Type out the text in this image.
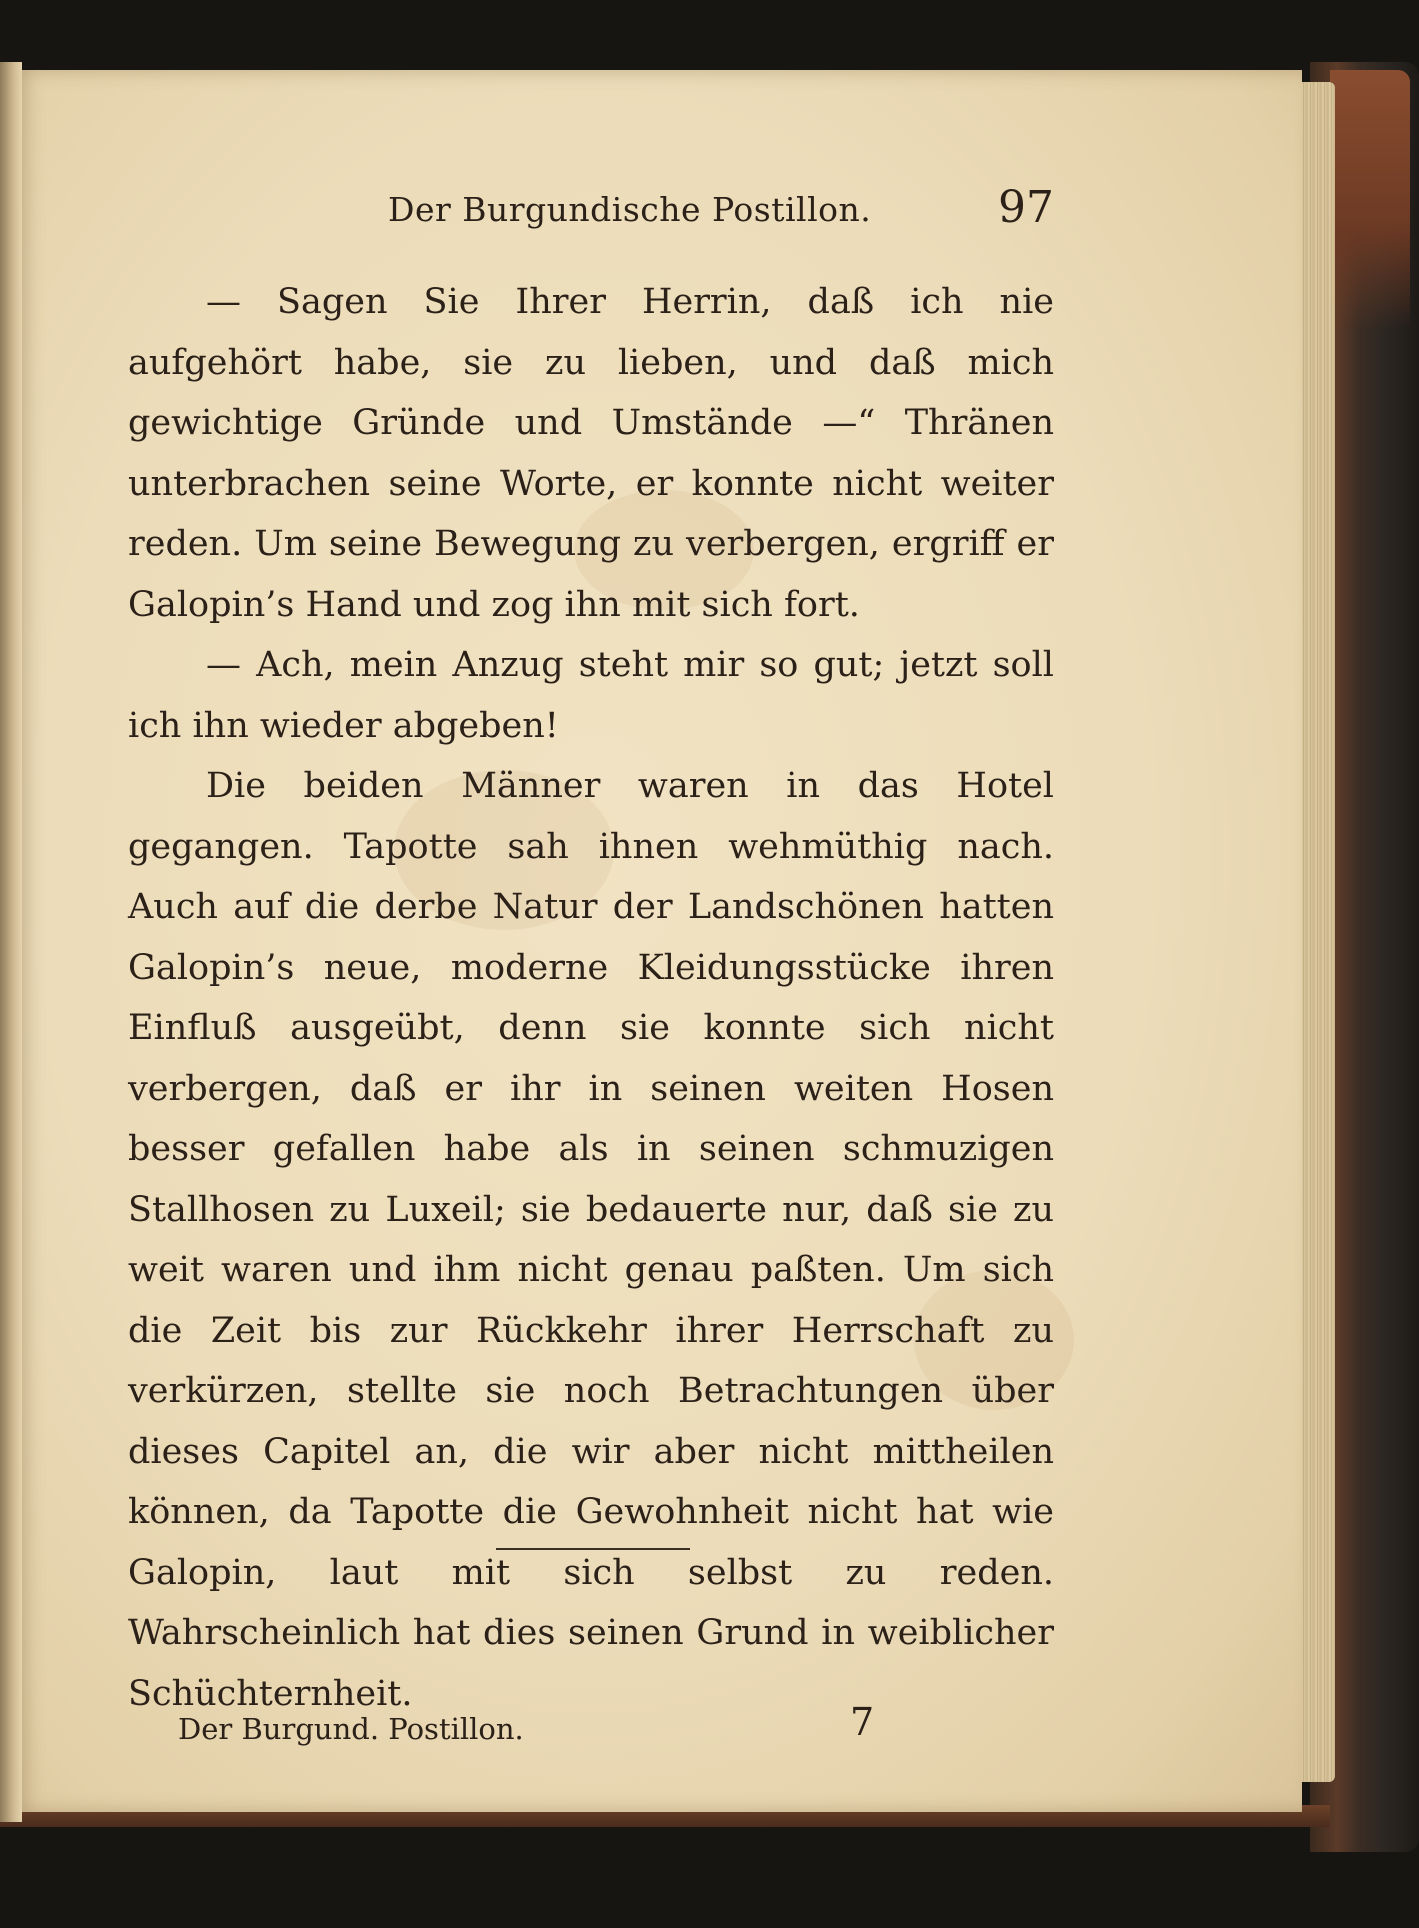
Der Burgundische Postillon.	97

— Sagen Sie Ihrer Herrin, daß ich nie aufgehört habe, sie zu lieben, und daß mich gewichtige Gründe und Umstände —“ Thränen unterbrachen seine Worte, er konnte nicht weiter reden. Um seine Bewegung zu verbergen, ergriff er Galopin’s Hand und zog ihn mit sich fort.

— Ach, mein Anzug steht mir so gut; jetzt soll ich ihn wieder abgeben!

Die beiden Männer waren in das Hotel gegangen. Tapotte sah ihnen wehmüthig nach. Auch auf die derbe Natur der Landschönen hatten Galopin’s neue, moderne Kleidungsstücke ihren Einfluß ausgeübt, denn sie konnte sich nicht verbergen, daß er ihr in seinen weiten Hosen besser gefallen habe als in seinen schmuzigen Stallhosen zu Luxeil; sie bedauerte nur, daß sie zu weit waren und ihm nicht genau paßten. Um sich die Zeit bis zur Rückkehr ihrer Herrschaft zu verkürzen, stellte sie noch Betrachtungen über dieses Capitel an, die wir aber nicht mittheilen können, da Tapotte die Gewohnheit nicht hat wie Galopin, laut mit sich selbst zu reden. Wahrscheinlich hat dies seinen Grund in weiblicher Schüchternheit.

Der Burgund. Postillon.	7
